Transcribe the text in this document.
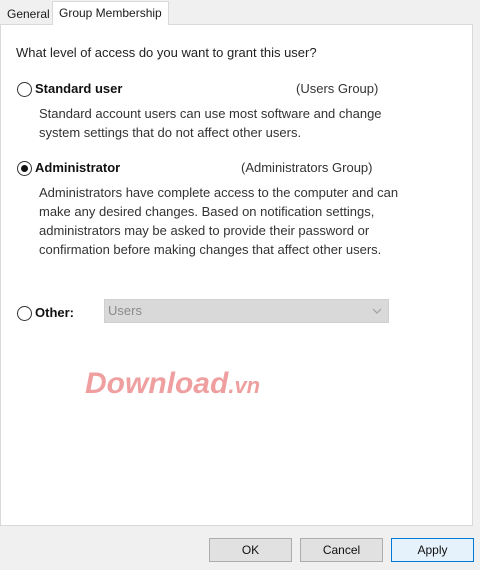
General Group Membership
What level of access do you want to grant this user?
Standard user	(Users Group)
Standard account users can use most software and change system settings that do not affect other users.
Administrator	(Administrators Group)
Administrators have complete access to the computer and can make any desired changes. Based on notification settings, administrators may be asked to provide their password or confirmation before making changes that affect other users.
Other:	Users
Download.vn
OK	Cancel	Apply
